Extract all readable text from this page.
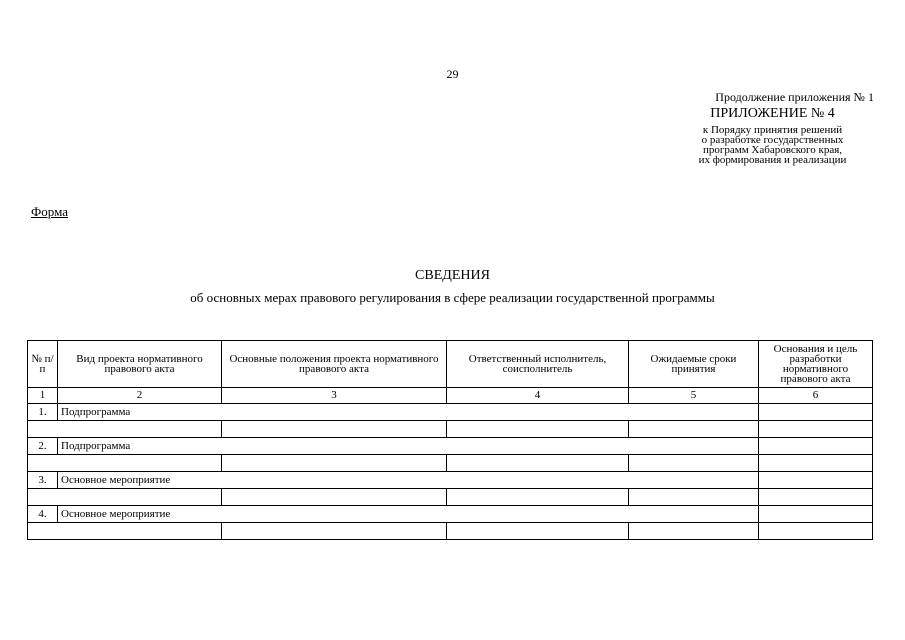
29
Продолжение приложения № 1
ПРИЛОЖЕНИЕ № 4
к Порядку принятия решений
о разработке государственных
программ Хабаровского края,
их формирования и реализации
Форма
СВЕДЕНИЯ
об основных мерах правового регулирования в сфере реализации государственной программы
№ п/п	Вид проекта нормативного правового акта	Основные положения проекта нормативного правового акта	Ответственный исполнитель, соисполнитель	Ожидаемые сроки принятия	Основания и цель разработки нормативного правового акта
1	2	3	4	5	6
1.	Подпрограмма				

2.	Подпрограмма				

3.	Основное мероприятие				

4.	Основное мероприятие				
